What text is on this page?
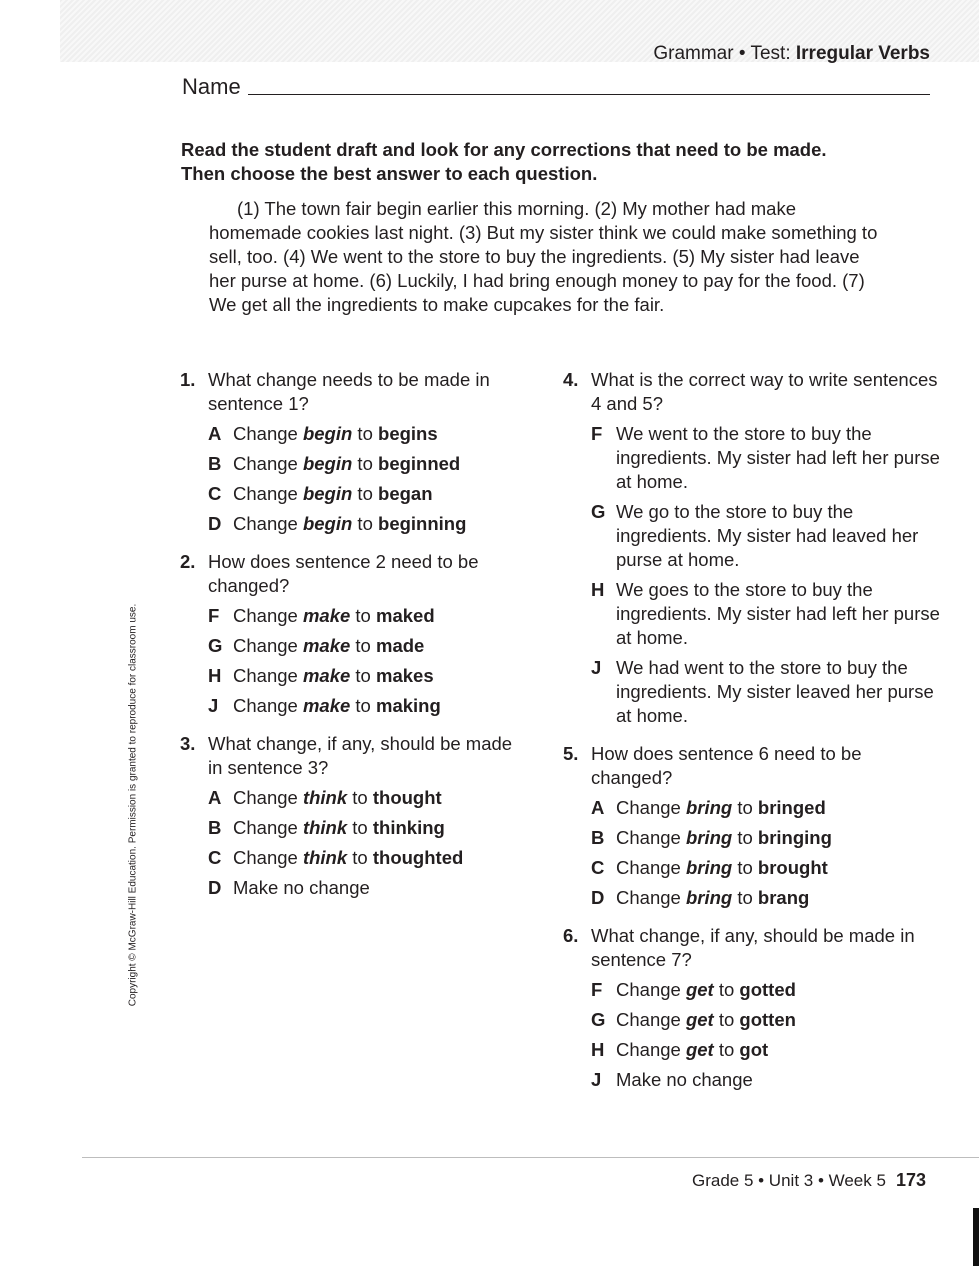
Grammar • Test: Irregular Verbs
Name

Read the student draft and look for any corrections that need to be made. Then choose the best answer to each question.

(1) The town fair begin earlier this morning. (2) My mother had make homemade cookies last night. (3) But my sister think we could make something to sell, too. (4) We went to the store to buy the ingredients. (5) My sister had leave her purse at home. (6) Luckily, I had bring enough money to pay for the food. (7) We get all the ingredients to make cupcakes for the fair.

1. What change needs to be made in sentence 1?
A Change begin to begins
B Change begin to beginned
C Change begin to began
D Change begin to beginning
2. How does sentence 2 need to be changed?
F Change make to maked
G Change make to made
H Change make to makes
J Change make to making
3. What change, if any, should be made in sentence 3?
A Change think to thought
B Change think to thinking
C Change think to thoughted
D Make no change
4. What is the correct way to write sentences 4 and 5?
F We went to the store to buy the ingredients. My sister had left her purse at home.
G We go to the store to buy the ingredients. My sister had leaved her purse at home.
H We goes to the store to buy the ingredients. My sister had left her purse at home.
J We had went to the store to buy the ingredients. My sister leaved her purse at home.
5. How does sentence 6 need to be changed?
A Change bring to bringed
B Change bring to bringing
C Change bring to brought
D Change bring to brang
6. What change, if any, should be made in sentence 7?
F Change get to gotted
G Change get to gotten
H Change get to got
J Make no change
Copyright © McGraw-Hill Education. Permission is granted to reproduce for classroom use.
Grade 5 • Unit 3 • Week 5 173
